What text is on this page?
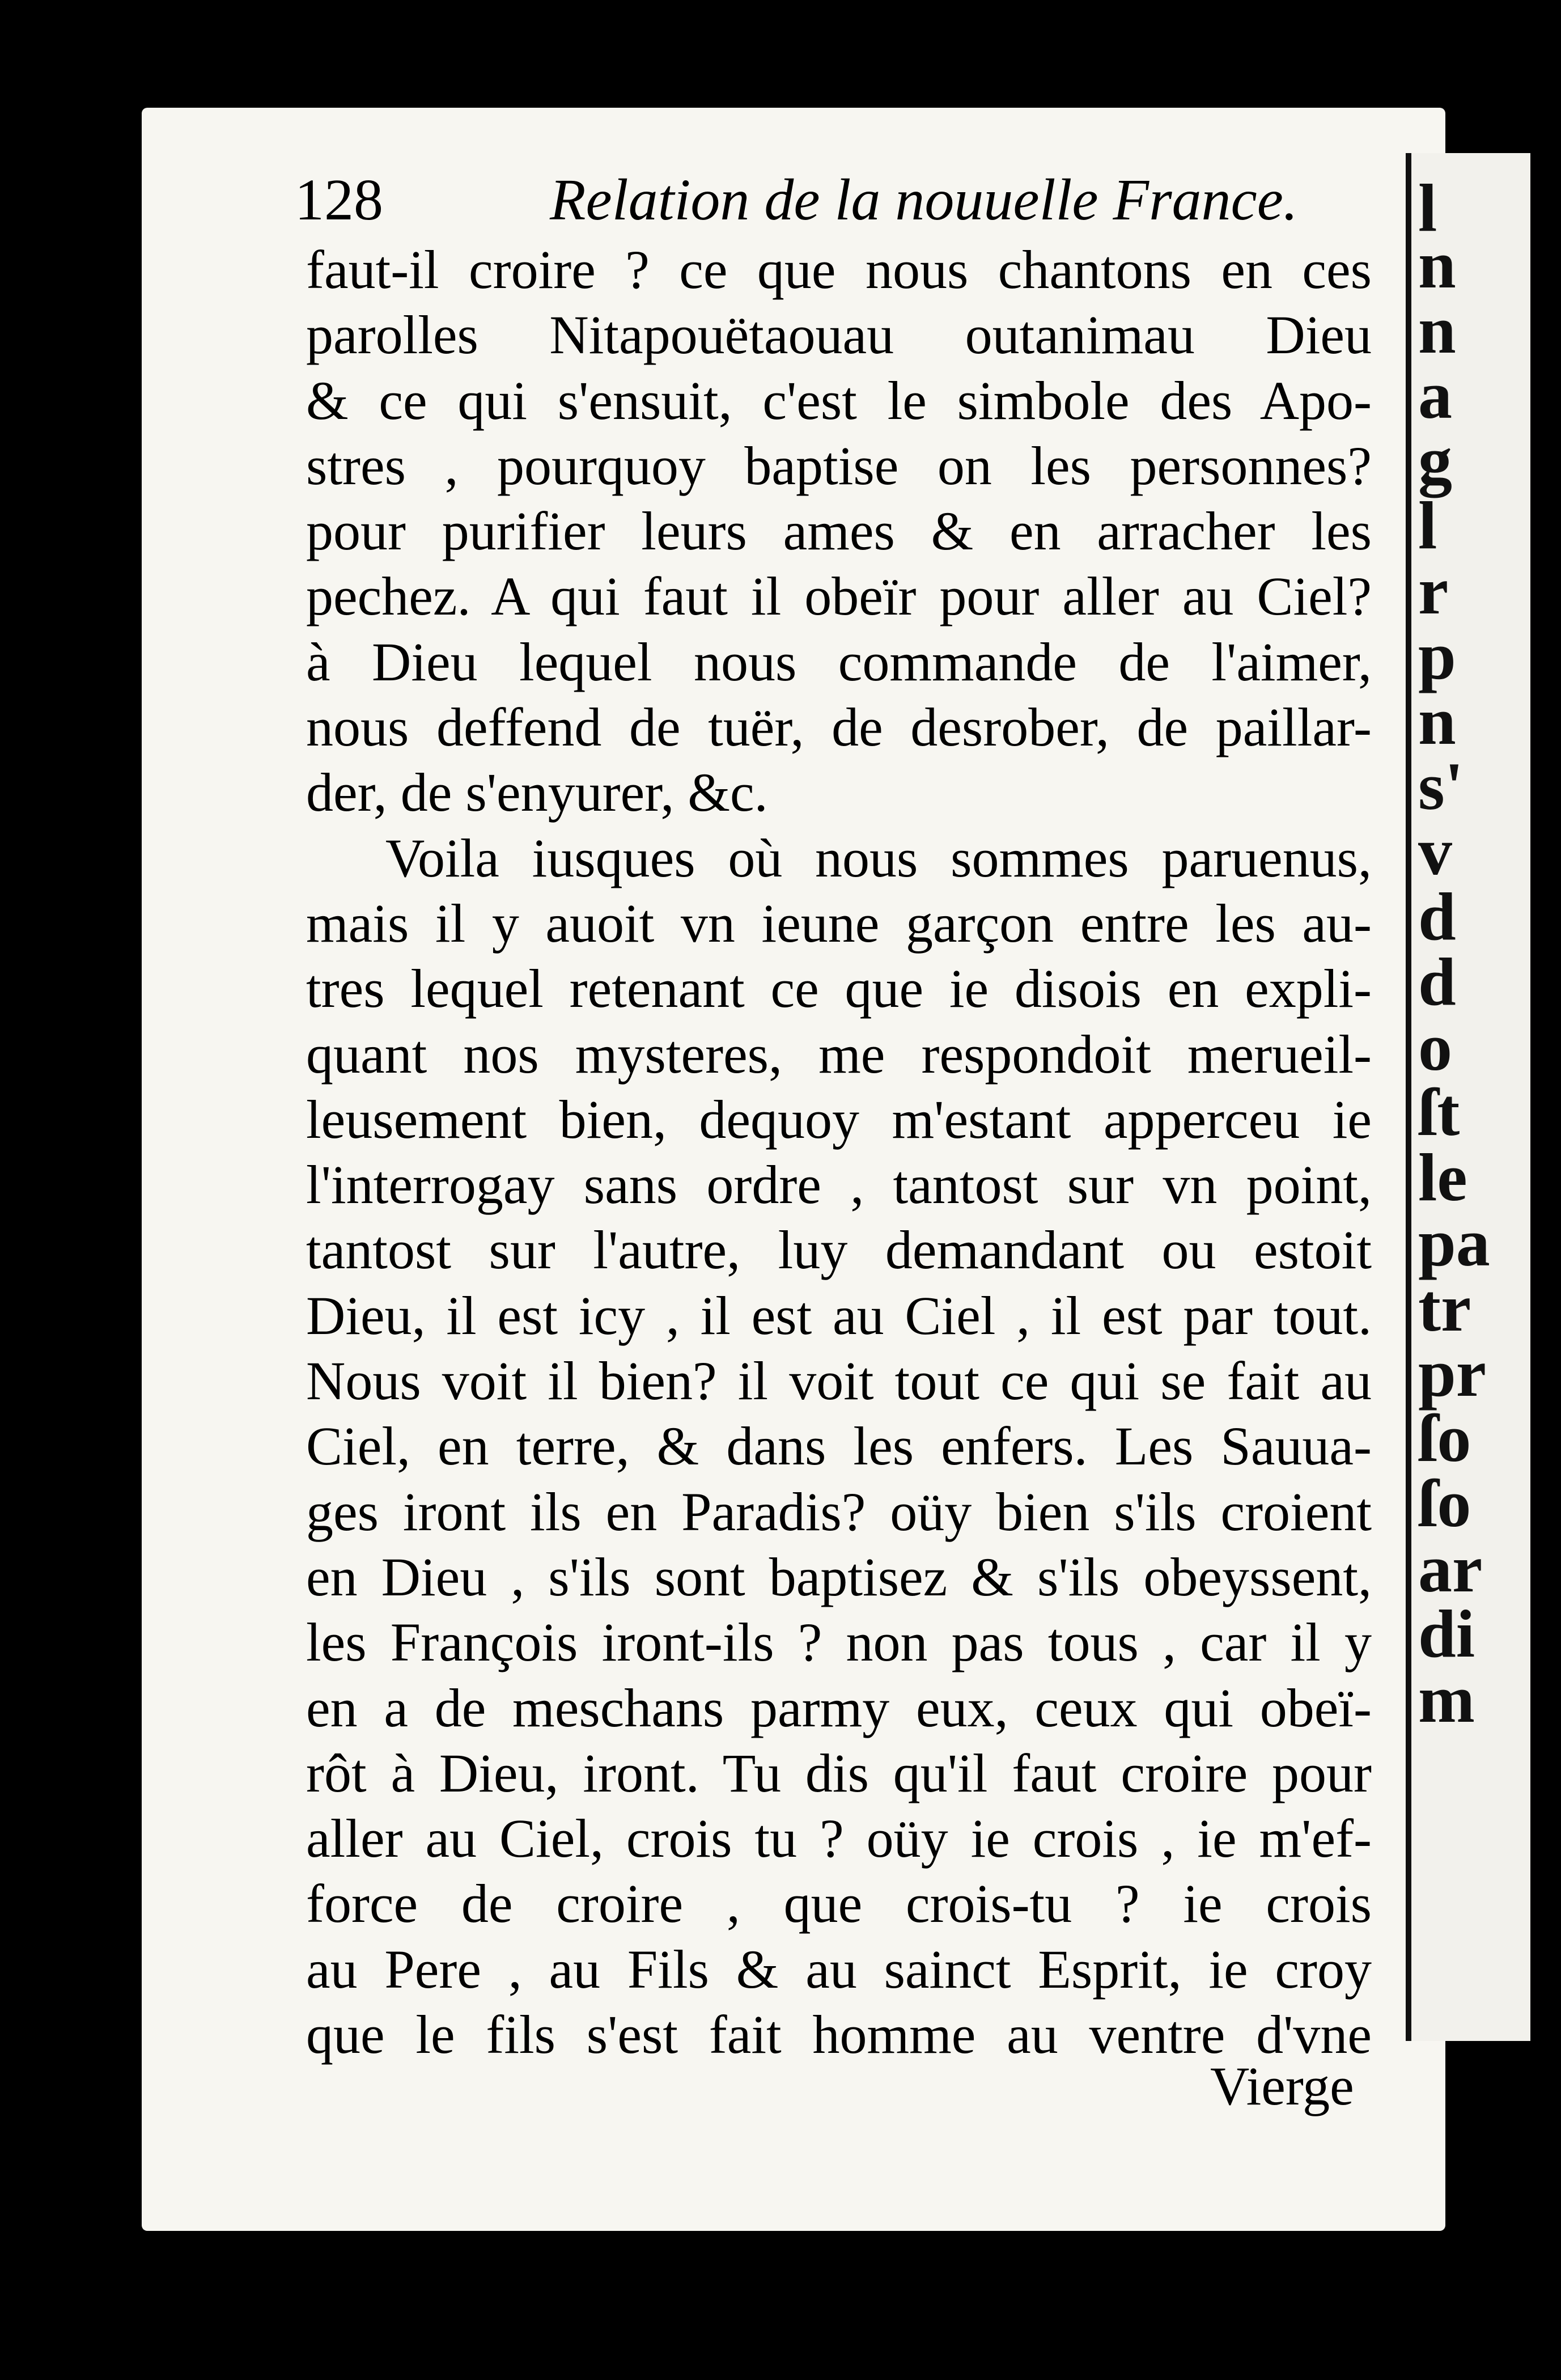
l
n
n
a
g
l
r
p
n
s'
v
d
d
o
ſt
le
pa
tr
pr
ſo
ſo
ar
di
m
128	Relation de la nouuelle France.
faut-il croire ? ce que nous chantons en ces
parolles Nitapouëtaouau outanimau Dieu
& ce qui s'ensuit, c'est le simbole des Apo-
stres , pourquoy baptise on les personnes?
pour purifier leurs ames & en arracher les
pechez. A qui faut il obeïr pour aller au Ciel?
à Dieu lequel nous commande de l'aimer,
nous deffend de tuër, de desrober, de paillar-
der, de s'enyurer, &c.
Voila iusques où nous sommes paruenus,
mais il y auoit vn ieune garçon entre les au-
tres lequel retenant ce que ie disois en expli-
quant nos mysteres, me respondoit merueil-
leusement bien, dequoy m'estant apperceu ie
l'interrogay sans ordre , tantost sur vn point,
tantost sur l'autre, luy demandant ou estoit
Dieu, il est icy , il est au Ciel , il est par tout.
Nous voit il bien? il voit tout ce qui se fait au
Ciel, en terre, & dans les enfers. Les Sauua-
ges iront ils en Paradis? oüy bien s'ils croient
en Dieu , s'ils sont baptisez & s'ils obeyssent,
les François iront-ils ? non pas tous , car il y
en a de meschans parmy eux, ceux qui obeï-
rôt à Dieu, iront. Tu dis qu'il faut croire pour
aller au Ciel, crois tu ? oüy ie crois , ie m'ef-
force de croire , que crois-tu ? ie crois
au Pere , au Fils & au sainct Esprit, ie croy
que le fils s'est fait homme au ventre d'vne
Vierge
